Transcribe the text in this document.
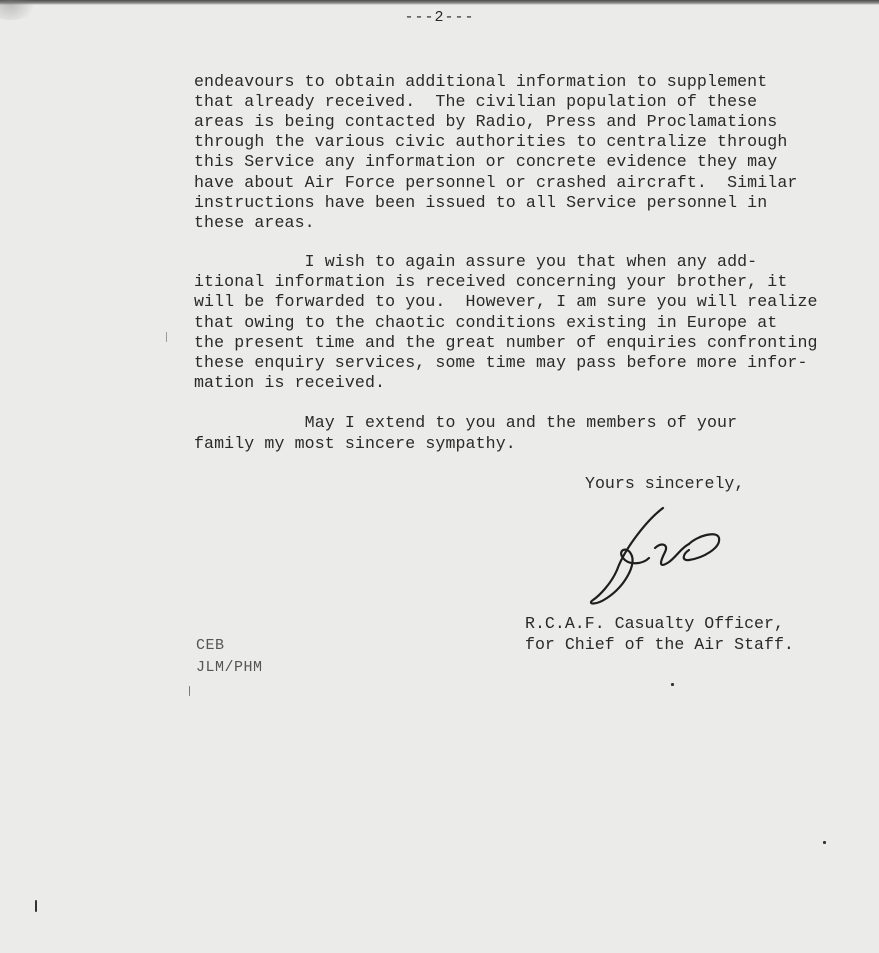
---2---
endeavours to obtain additional information to supplement
that already received.  The civilian population of these
areas is being contacted by Radio, Press and Proclamations
through the various civic authorities to centralize through
this Service any information or concrete evidence they may
have about Air Force personnel or crashed aircraft.  Similar
instructions have been issued to all Service personnel in
these areas.
I wish to again assure you that when any add-
itional information is received concerning your brother, it
will be forwarded to you.  However, I am sure you will realize
that owing to the chaotic conditions existing in Europe at
the present time and the great number of enquiries confronting
these enquiry services, some time may pass before more infor-
mation is received.
May I extend to you and the members of your
family my most sincere sympathy.
Yours sincerely,
R.C.A.F. Casualty Officer,
for Chief of the Air Staff.
CEB
JLM/PHM
